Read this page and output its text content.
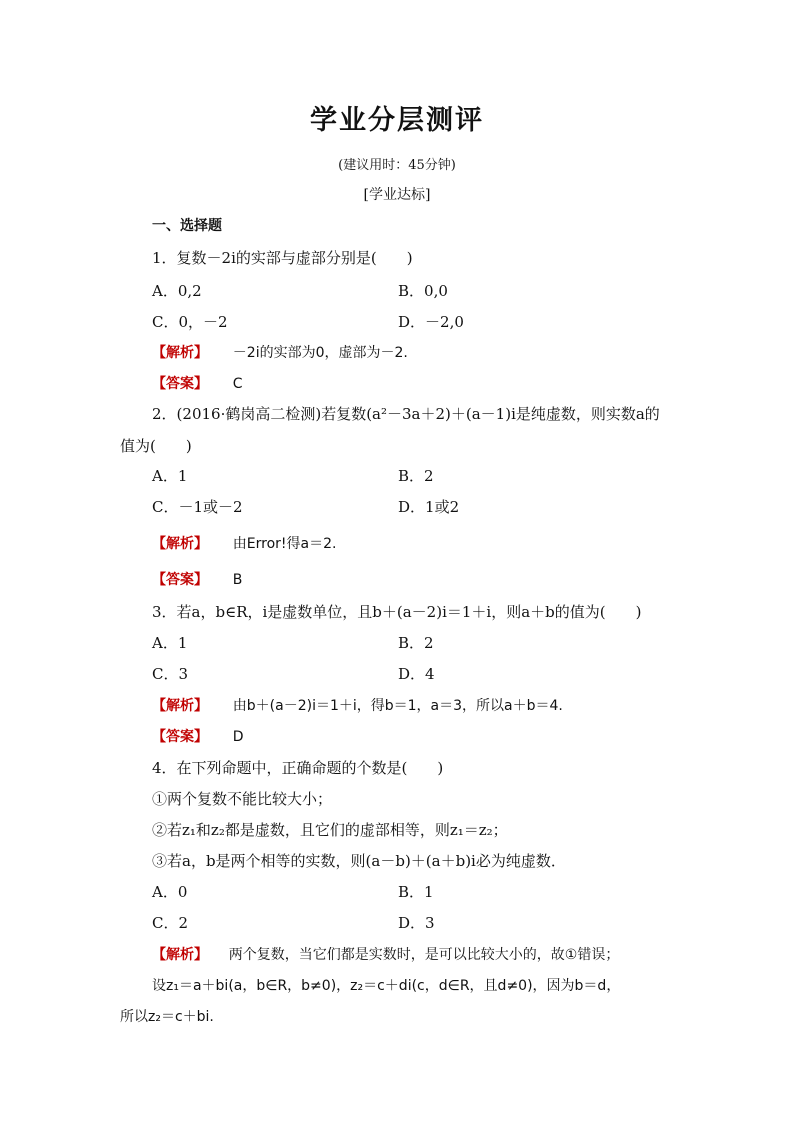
学业分层测评
(建议用时：45分钟)
[学业达标]
一、选择题
1．复数－2i的实部与虚部分别是(　　)
A．0,2	B．0,0
C．0，－2	D．－2,0
【解析】 －2i的实部为0，虚部为－2.
【答案】 C
2．(2016·鹤岗高二检测)若复数(a²－3a＋2)＋(a－1)i是纯虚数，则实数a的
值为(　　)
A．1	B．2
C．－1或－2	D．1或2
【解析】 由Error!得a＝2.
【答案】 B
3．若a，b∈R，i是虚数单位，且b＋(a－2)i＝1＋i，则a＋b的值为(　　)
A．1	B．2
C．3	D．4
【解析】 由b＋(a－2)i＝1＋i，得b＝1，a＝3，所以a＋b＝4.
【答案】 D
4．在下列命题中，正确命题的个数是(　　)
①两个复数不能比较大小；
②若z₁和z₂都是虚数，且它们的虚部相等，则z₁＝z₂；
③若a，b是两个相等的实数，则(a－b)＋(a＋b)i必为纯虚数．
A．0	B．1
C．2	D．3
【解析】 两个复数，当它们都是实数时，是可以比较大小的，故①错误；
设z₁＝a＋bi(a，b∈R，b≠0)，z₂＝c＋di(c，d∈R，且d≠0)，因为b＝d，
所以z₂＝c＋bi.
